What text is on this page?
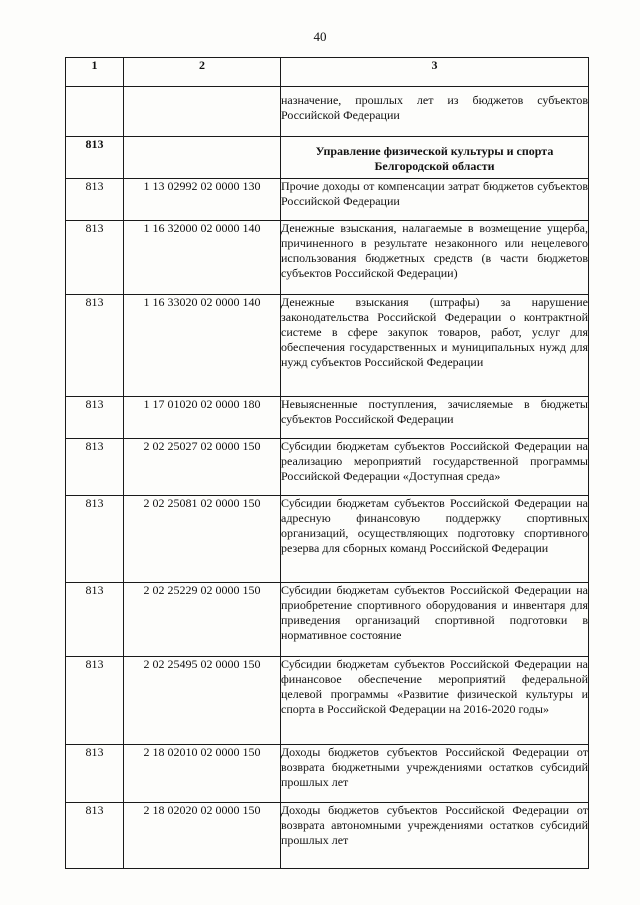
40
1	2	3
		назначение, прошлых лет из бюджетов субъектов Российской Федерации
813		Управление физической культуры и спорта Белгородской области
813	1 13 02992 02 0000 130	Прочие доходы от компенсации затрат бюджетов субъектов Российской Федерации
813	1 16 32000 02 0000 140	Денежные взыскания, налагаемые в возмещение ущерба, причиненного в результате незаконного или нецелевого использования бюджетных средств (в части бюджетов субъектов Российской Федерации)
813	1 16 33020 02 0000 140	Денежные взыскания (штрафы) за нарушение законодательства Российской Федерации о контрактной системе в сфере закупок товаров, работ, услуг для обеспечения государственных и муниципальных нужд для нужд субъектов Российской Федерации
813	1 17 01020 02 0000 180	Невыясненные поступления, зачисляемые в бюджеты субъектов Российской Федерации
813	2 02 25027 02 0000 150	Субсидии бюджетам субъектов Российской Федерации на реализацию мероприятий государственной программы Российской Федерации «Доступная среда»
813	2 02 25081 02 0000 150	Субсидии бюджетам субъектов Российской Федерации на адресную финансовую поддержку спортивных организаций, осуществляющих подготовку спортивного резерва для сборных команд Российской Федерации
813	2 02 25229 02 0000 150	Субсидии бюджетам субъектов Российской Федерации на приобретение спортивного оборудования и инвентаря для приведения организаций спортивной подготовки в нормативное состояние
813	2 02 25495 02 0000 150	Субсидии бюджетам субъектов Российской Федерации на финансовое обеспечение мероприятий федеральной целевой программы «Развитие физической культуры и спорта в Российской Федерации на 2016-2020 годы»
813	2 18 02010 02 0000 150	Доходы бюджетов субъектов Российской Федерации от возврата бюджетными учреждениями остатков субсидий прошлых лет
813	2 18 02020 02 0000 150	Доходы бюджетов субъектов Российской Федерации от возврата автономными учреждениями остатков субсидий прошлых лет
